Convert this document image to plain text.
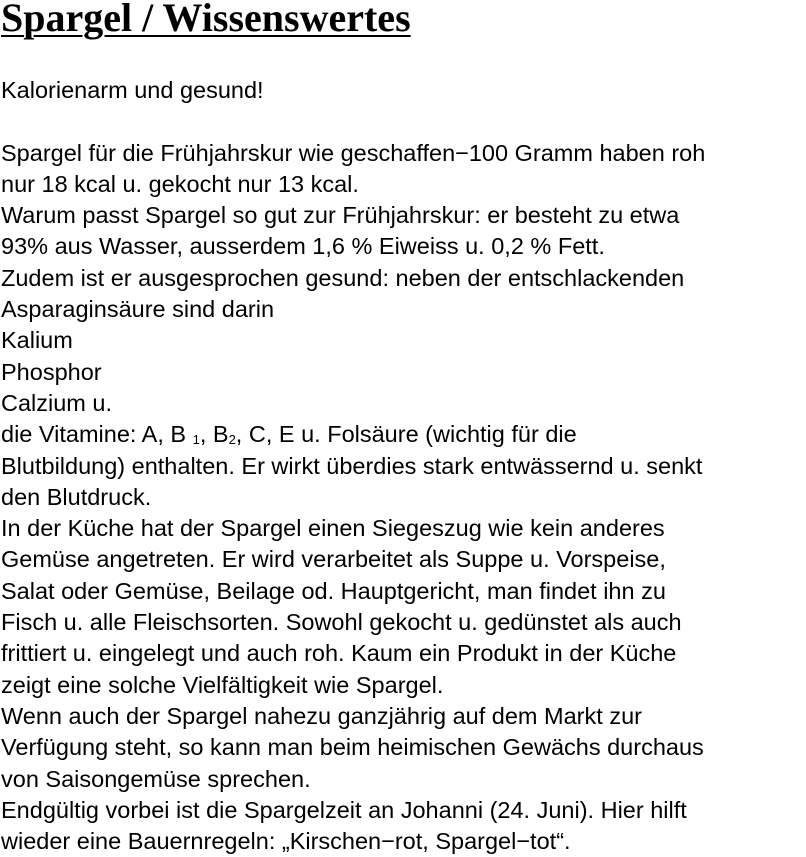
Spargel / Wissenswertes
Kalorienarm und gesund!
Spargel für die Frühjahrskur wie geschaffen−100 Gramm haben roh
nur 18 kcal u. gekocht nur 13 kcal.
Warum passt Spargel so gut zur Frühjahrskur: er besteht zu etwa
93% aus Wasser, ausserdem 1,6 % Eiweiss u. 0,2 % Fett.
Zudem ist er ausgesprochen gesund: neben der entschlackenden
Asparaginsäure sind darin
Kalium
Phosphor
Calzium u.
die Vitamine: A, B $_1$, $B_2$, C, E u. Folsäure (wichtig für die
Blutbildung) enthalten. Er wirkt überdies stark entwässernd u. senkt
den Blutdruck.
In der Küche hat der Spargel einen Siegeszug wie kein anderes
Gemüse angetreten. Er wird verarbeitet als Suppe u. Vorspeise,
Salat oder Gemüse, Beilage od. Hauptgericht, man findet ihn zu
Fisch u. alle Fleischsorten. Sowohl gekocht u. gedünstet als auch
frittiert u. eingelegt und auch roh. Kaum ein Produkt in der Küche
zeigt eine solche Vielfältigkeit wie Spargel.
Wenn auch der Spargel nahezu ganzjährig auf dem Markt zur
Verfügung steht, so kann man beim heimischen Gewächs durchaus
von Saisongemüse sprechen.
Endgültig vorbei ist die Spargelzeit an Johanni (24. Juni). Hier hilft
wieder eine Bauernregeln: „Kirschen−rot, Spargel−tot“.
